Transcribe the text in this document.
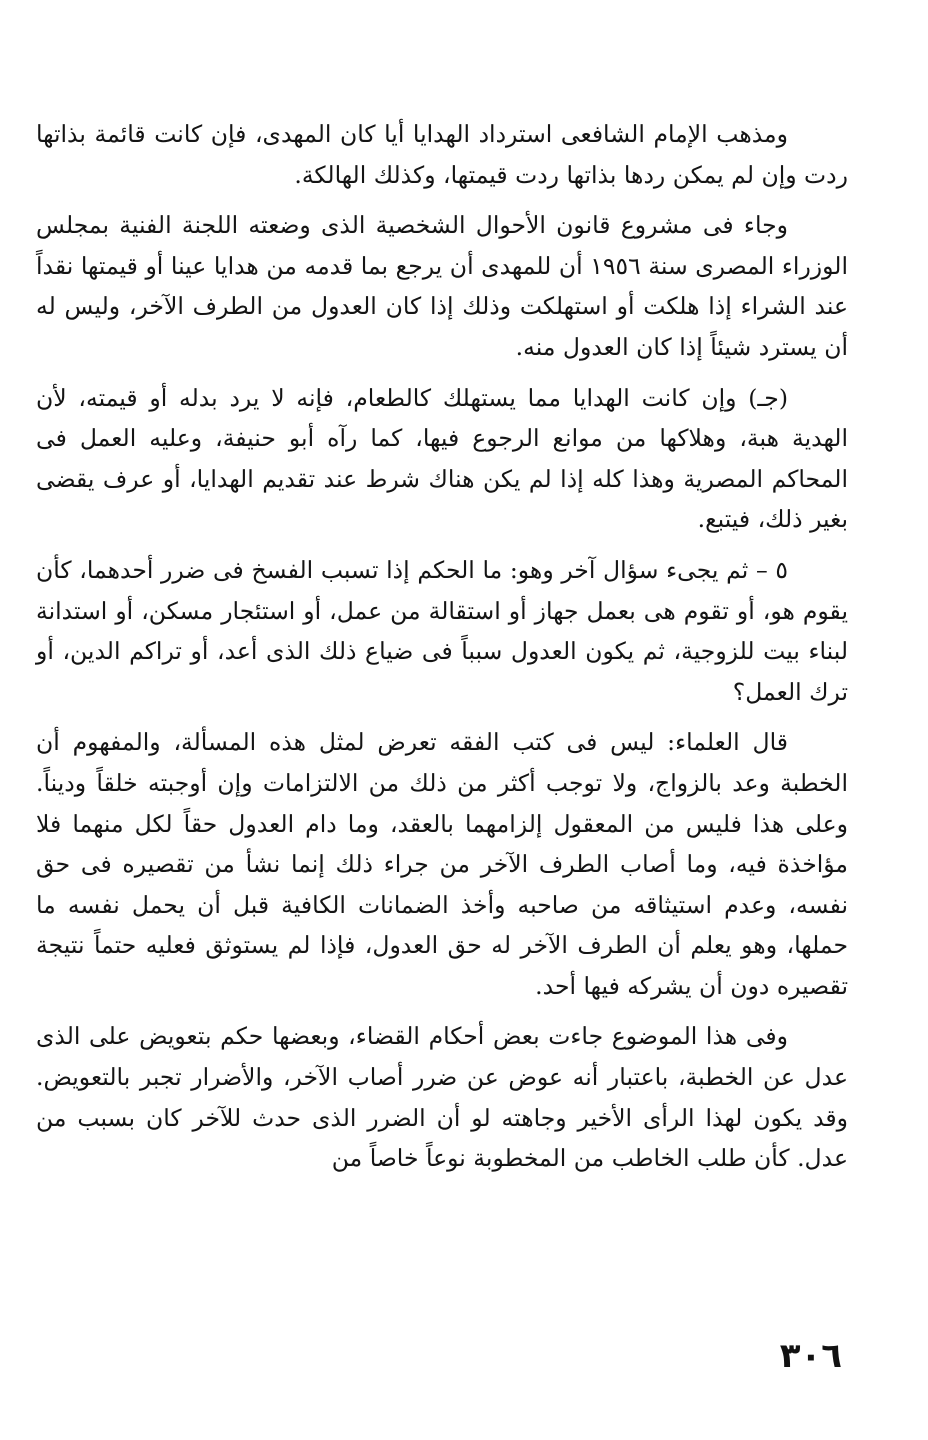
ومذهب الإمام الشافعى استرداد الهدايا أيا كان المهدى، فإن كانت قائمة بذاتها ردت وإن لم يمكن ردها بذاتها ردت قيمتها، وكذلك الهالكة.

وجاء فى مشروع قانون الأحوال الشخصية الذى وضعته اللجنة الفنية بمجلس الوزراء المصرى سنة ١٩٥٦ أن للمهدى أن يرجع بما قدمه من هدايا عينا أو قيمتها نقداً عند الشراء إذا هلكت أو استهلكت وذلك إذا كان العدول من الطرف الآخر، وليس له أن يسترد شيئاً إذا كان العدول منه.

(جـ) وإن كانت الهدايا مما يستهلك كالطعام، فإنه لا يرد بدله أو قيمته، لأن الهدية هبة، وهلاكها من موانع الرجوع فيها، كما رآه أبو حنيفة، وعليه العمل فى المحاكم المصرية وهذا كله إذا لم يكن هناك شرط عند تقديم الهدايا، أو عرف يقضى بغير ذلك، فيتبع.

٥ – ثم يجىء سؤال آخر وهو: ما الحكم إذا تسبب الفسخ فى ضرر أحدهما، كأن يقوم هو، أو تقوم هى بعمل جهاز أو استقالة من عمل، أو استئجار مسكن، أو استدانة لبناء بيت للزوجية، ثم يكون العدول سبباً فى ضياع ذلك الذى أعد، أو تراكم الدين، أو ترك العمل؟

قال العلماء: ليس فى كتب الفقه تعرض لمثل هذه المسألة، والمفهوم أن الخطبة وعد بالزواج، ولا توجب أكثر من ذلك من الالتزامات وإن أوجبته خلقاً وديناً. وعلى هذا فليس من المعقول إلزامهما بالعقد، وما دام العدول حقاً لكل منهما فلا مؤاخذة فيه، وما أصاب الطرف الآخر من جراء ذلك إنما نشأ من تقصيره فى حق نفسه، وعدم استيثاقه من صاحبه وأخذ الضمانات الكافية قبل أن يحمل نفسه ما حملها، وهو يعلم أن الطرف الآخر له حق العدول، فإذا لم يستوثق فعليه حتماً نتيجة تقصيره دون أن يشركه فيها أحد.

وفى هذا الموضوع جاءت بعض أحكام القضاء، وبعضها حكم بتعويض على الذى عدل عن الخطبة، باعتبار أنه عوض عن ضرر أصاب الآخر، والأضرار تجبر بالتعويض. وقد يكون لهذا الرأى الأخير وجاهته لو أن الضرر الذى حدث للآخر كان بسبب من عدل. كأن طلب الخاطب من المخطوبة نوعاً خاصاً من

٣٠٦
